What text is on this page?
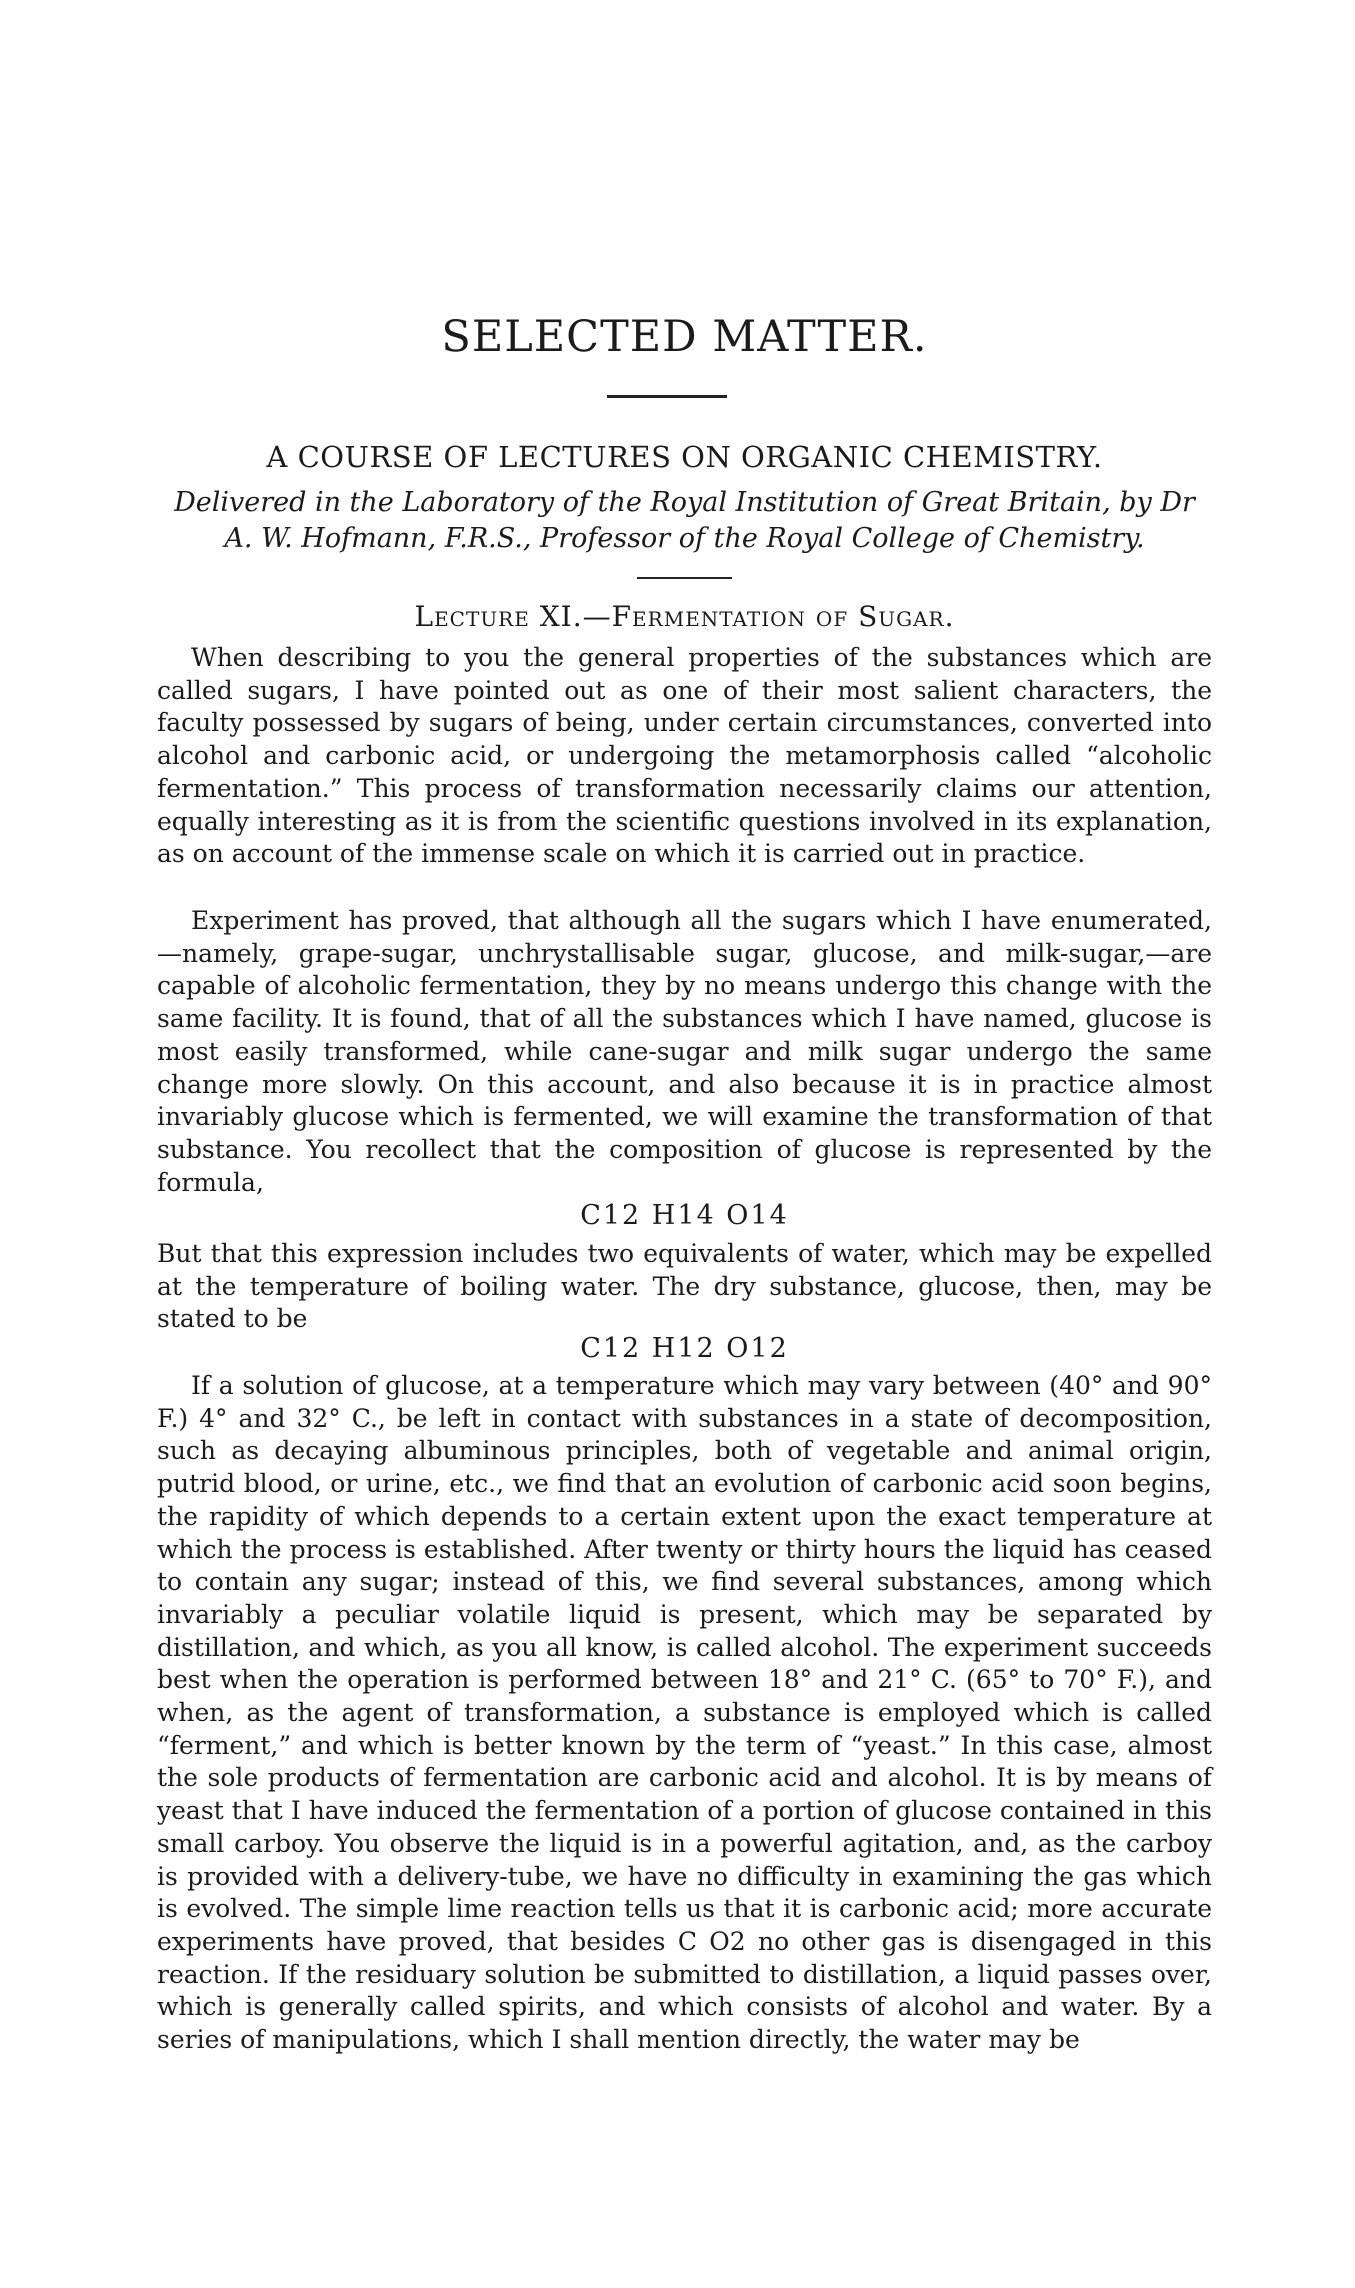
SELECTED MATTER.
A COURSE OF LECTURES ON ORGANIC CHEMISTRY.

Delivered in the Laboratory of the Royal Institution of Great Britain, by Dr A. W. Hofmann, F.R.S., Professor of the Royal College of Chemistry.

Lecture XI.—Fermentation of Sugar.

When describing to you the general properties of the substances which are called sugars, I have pointed out as one of their most salient characters, the faculty possessed by sugars of being, under certain circumstances, converted into alcohol and carbonic acid, or undergoing the metamorphosis called “alcoholic fermentation.” This process of transformation necessarily claims our attention, equally interesting as it is from the scientific questions involved in its explanation, as on account of the immense scale on which it is carried out in practice.

Experiment has proved, that although all the sugars which I have enumerated,—namely, grape-sugar, unchrystallisable sugar, glucose, and milk-sugar,—are capable of alcoholic fermentation, they by no means undergo this change with the same facility. It is found, that of all the substances which I have named, glucose is most easily transformed, while cane-sugar and milk sugar undergo the same change more slowly. On this account, and also because it is in practice almost invariably glucose which is fermented, we will examine the transformation of that substance. You recollect that the composition of glucose is represented by the formula,

C12 H14 O14

But that this expression includes two equivalents of water, which may be expelled at the temperature of boiling water. The dry substance, glucose, then, may be stated to be

C12 H12 O12

If a solution of glucose, at a temperature which may vary between (40° and 90° F.) 4° and 32° C., be left in contact with substances in a state of decomposition, such as decaying albuminous principles, both of vegetable and animal origin, putrid blood, or urine, etc., we find that an evolution of carbonic acid soon begins, the rapidity of which depends to a certain extent upon the exact temperature at which the process is established. After twenty or thirty hours the liquid has ceased to contain any sugar; instead of this, we find several substances, among which invariably a peculiar volatile liquid is present, which may be separated by distillation, and which, as you all know, is called alcohol. The experiment succeeds best when the operation is performed between 18° and 21° C. (65° to 70° F.), and when, as the agent of transformation, a substance is employed which is called “ferment,” and which is better known by the term of “yeast.” In this case, almost the sole products of fermentation are carbonic acid and alcohol. It is by means of yeast that I have induced the fermentation of a portion of glucose contained in this small carboy. You observe the liquid is in a powerful agitation, and, as the carboy is provided with a delivery-tube, we have no difficulty in examining the gas which is evolved. The simple lime reaction tells us that it is carbonic acid; more accurate experiments have proved, that besides C O2 no other gas is disengaged in this reaction. If the residuary solution be submitted to distillation, a liquid passes over, which is generally called spirits, and which consists of alcohol and water. By a series of manipulations, which I shall mention directly, the water may be
